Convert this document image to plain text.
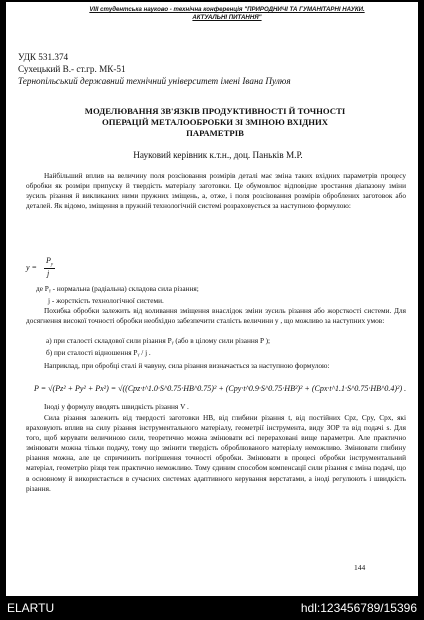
VIII студентська науково - технічна конференція "ПРИРОДНИЧІ ТА ГУМАНІТАРНІ НАУКИ.
АКТУАЛЬНІ ПИТАННЯ"
УДК 531.374
Сухецький В.- ст.гр. МК-51
Тернопільський державний технічний університет імені Івана Пулюя
МОДЕЛЮВАННЯ ЗВ'ЯЗКІВ ПРОДУКТИВНОСТІ Й ТОЧНОСТІ
ОПЕРАЦІЙ МЕТАЛООБРОБКИ ЗІ ЗМІНОЮ ВХІДНИХ
ПАРАМЕТРІВ
Науковий керівник к.т.н., доц. Паньків М.Р.
Найбільший вплив на величину поля розсіювання розмірів деталі має зміна таких вхідних параметрів процесу обробки як розміри припуску й твердість матеріалу заготовки. Це обумовлює відповідне зростання діапазону зміни зусиль різання й викликаних ними пружних зміщень, а, отже, і поля розсіювання розмірів оброблених заготовок або деталей. Як відомо, зміщення в пружній технологічній системі розраховується за наступною формулою:
y =
$P_y$
j
де Pᵧ - нормальна (радіальна) складова сила різання;
j - жорсткість технологічної системи.
Похибка обробки залежить від коливання зміщення внаслідок зміни зусиль різання або жорсткості системи. Для досягнення високої точності обробки необхідно забезпечити сталість величини y , що можливо за наступних умов:
а) при сталості складової сили різання Pᵧ (або в цілому сили різання P );
б) при сталості відношення Pᵧ / j .
Наприклад, при обробці сталі й чавуну, сила різання визначається за наступною формулою:
P = √(Pz² + Py² + Px²) = √((Cpz·t^1.0·S^0.75·HB^0.75)² + (Cpy·t^0.9·S^0.75·HB²)² + (Cpx·t^1.1·S^0.75·HB^0.4)²) .
Іноді у формулу вводять швидкість різання V .
Сила різання залежить від твердості заготовки НВ, від глибини різання t, від постійних Cpz, Cpy, Cpx, які враховують вплив на силу різання інструментального матеріалу, геометрії інструмента, виду ЗОР та від подачі s. Для того, щоб керувати величиною сили, теоретично можна змінювати всі перераховані вище параметри. Але практично змінювати можна тільки подачу, тому що змінити твердість оброблюваного матеріалу неможливо. Змінювати глибину різання можна, але це спричинить погіршення точності обробки. Змінювати в процесі обробки інструментальний матеріал, геометрію різця теж практично неможливо. Тому єдиним способом компенсації сили різання є зміна подачі, що в основному й використається в сучасних системах адаптивного керування верстатами, а іноді регулюють і швидкість різання.
144
ELARTU	hdl:123456789/15396
